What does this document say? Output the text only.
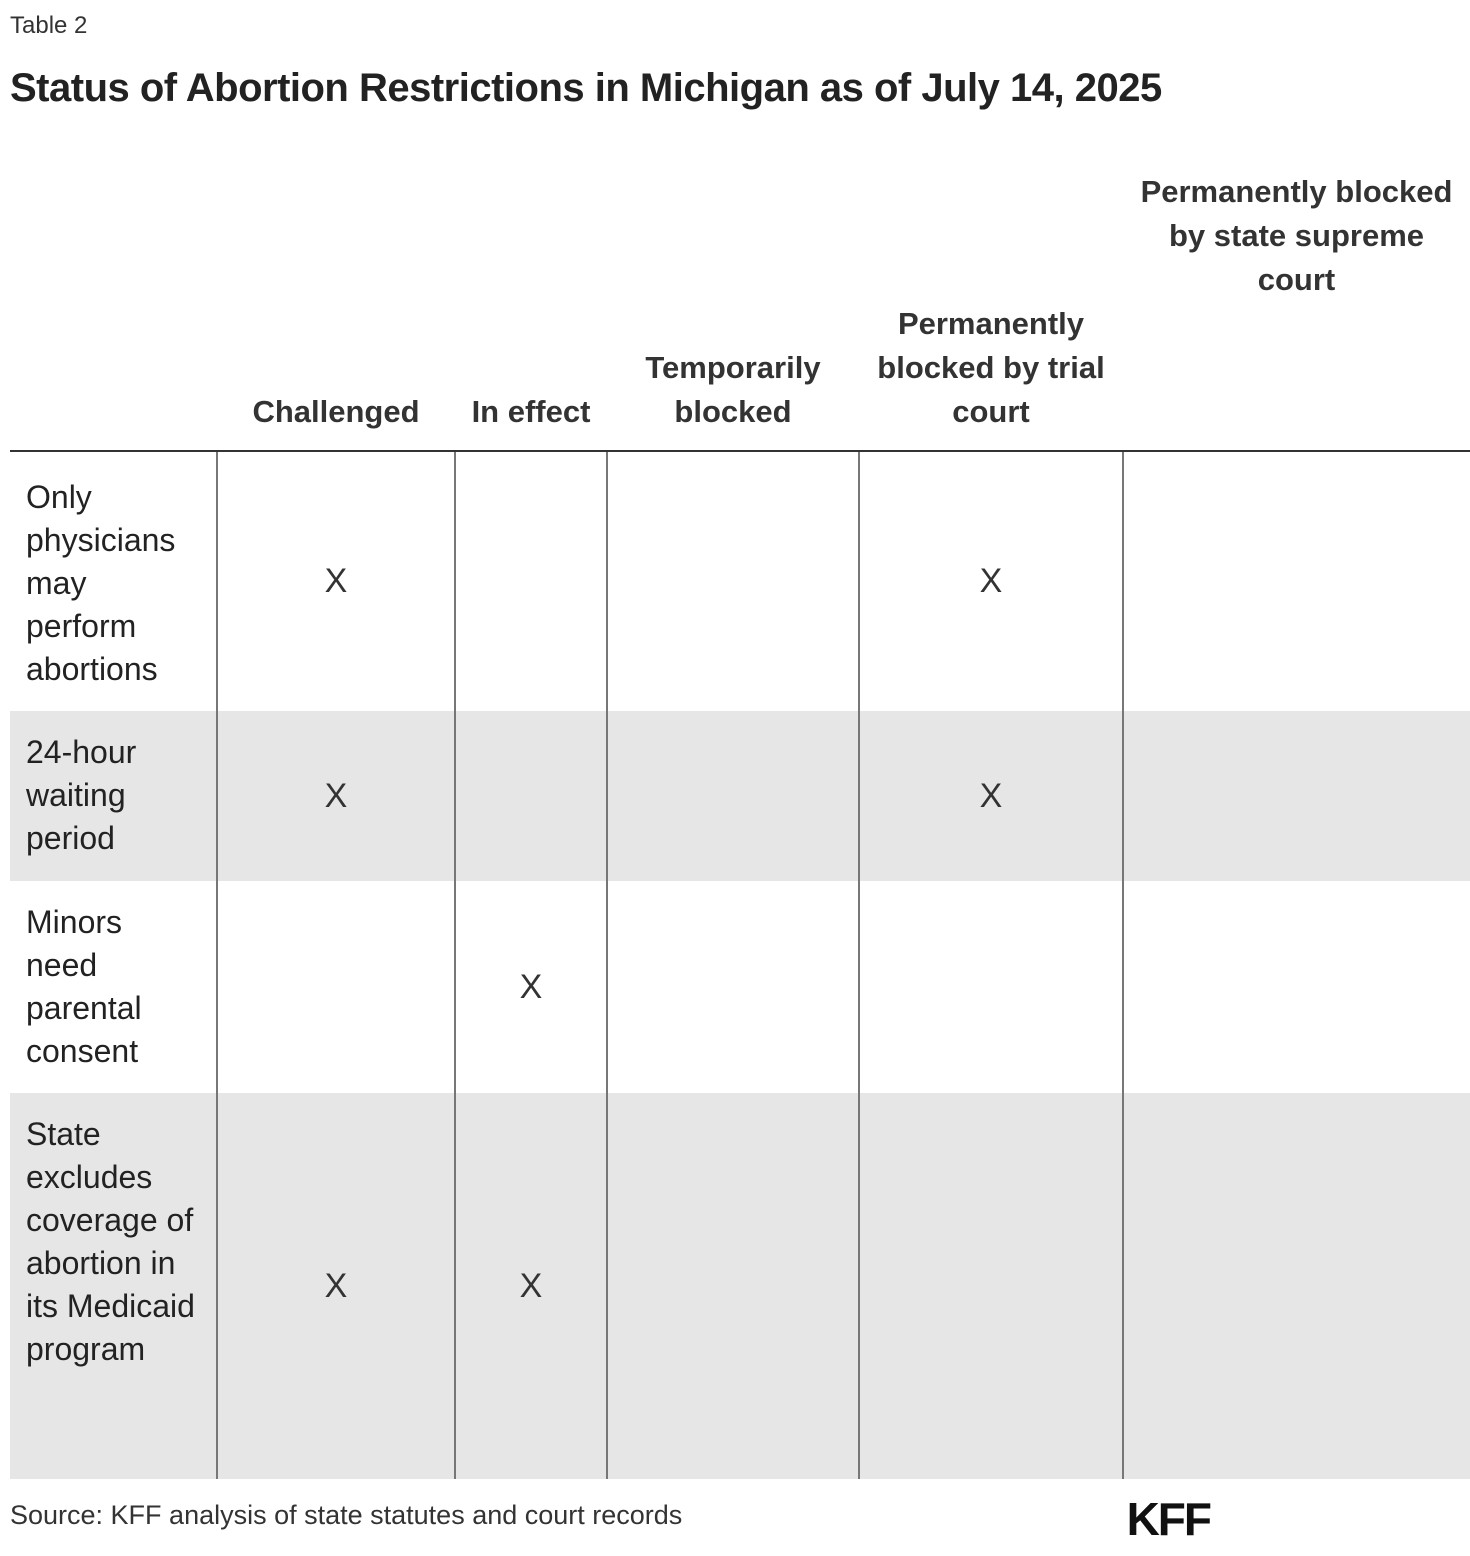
Table 2
Status of Abortion Restrictions in Michigan as of July 14, 2025
	Challenged	In effect	Temporarily blocked	Permanently blocked by trial court	Permanently blocked by state supreme court
Only physicians may perform abortions	X			X	
24-hour waiting period	X			X	
Minors need parental consent		X			
State excludes coverage of abortion in its Medicaid program	X	X			
Source: KFF analysis of state statutes and court records	KFF
